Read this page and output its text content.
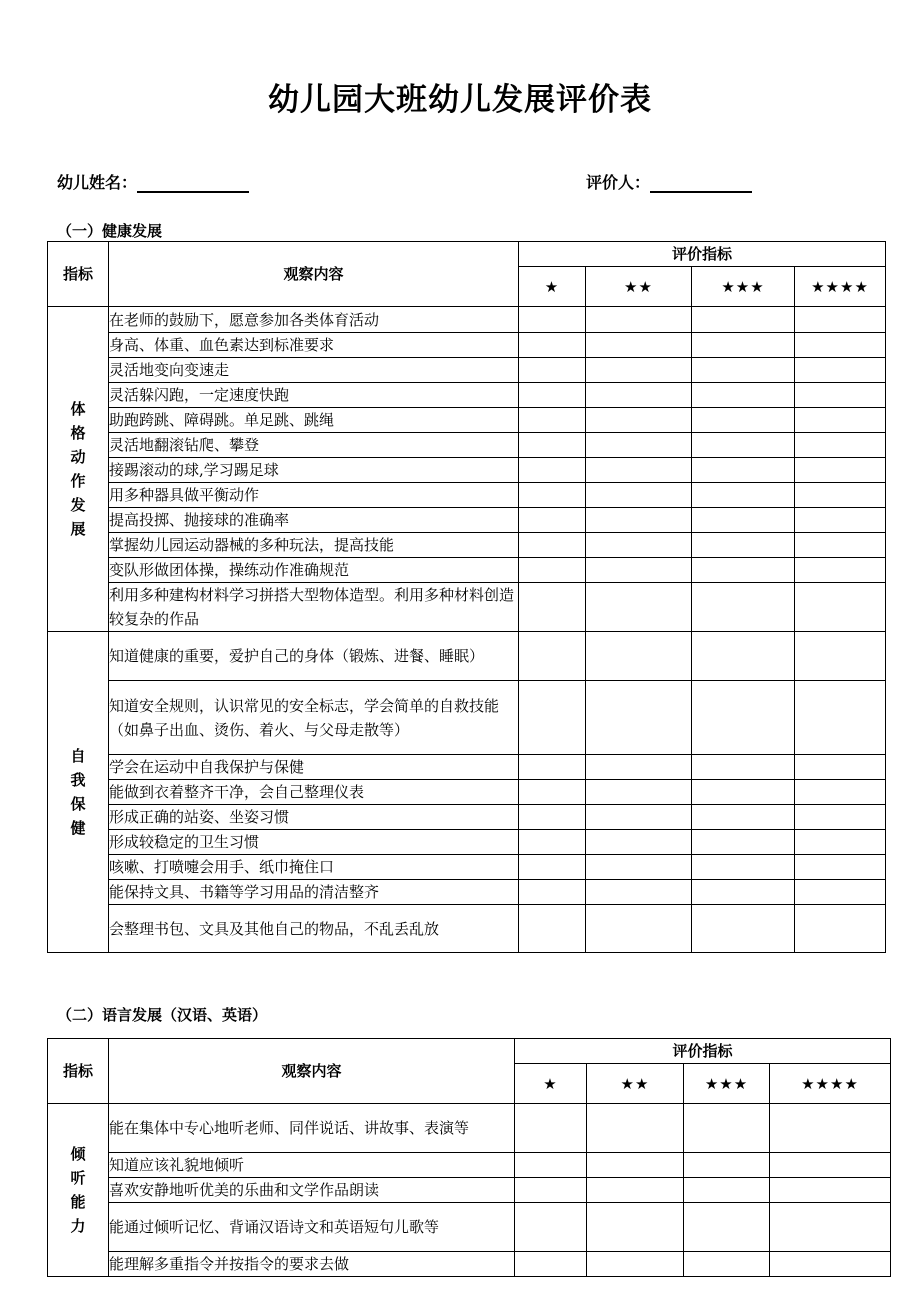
幼儿园大班幼儿发展评价表
幼儿姓名：	评价人：
（一）健康发展
指标	观察内容	评价指标			
		★	★★	★★★	★★★★
体格动作发展	在老师的鼓励下，愿意参加各类体育活动				
	身高、体重、血色素达到标准要求				
	灵活地变向变速走				
	灵活躲闪跑，一定速度快跑				
	助跑跨跳、障碍跳。单足跳、跳绳				
	灵活地翻滚钻爬、攀登				
	接踢滚动的球,学习踢足球				
	用多种器具做平衡动作				
	提高投掷、抛接球的准确率				
	掌握幼儿园运动器械的多种玩法，提高技能				
	变队形做团体操，操练动作准确规范				
	利用多种建构材料学习拼搭大型物体造型。利用多种材料创造较复杂的作品				
自我保健	知道健康的重要，爱护自己的身体（锻炼、进餐、睡眠）				
	知道安全规则，认识常见的安全标志，学会简单的自救技能（如鼻子出血、烫伤、着火、与父母走散等）				
	学会在运动中自我保护与保健				
	能做到衣着整齐干净，会自己整理仪表				
	形成正确的站姿、坐姿习惯				
	形成较稳定的卫生习惯				
	咳嗽、打喷嚏会用手、纸巾掩住口				
	能保持文具、书籍等学习用品的清洁整齐				
	会整理书包、文具及其他自己的物品，不乱丢乱放				
（二）语言发展（汉语、英语）
指标	观察内容	评价指标			
		★	★★	★★★	★★★★
倾听能力	能在集体中专心地听老师、同伴说话、讲故事、表演等				
	知道应该礼貌地倾听				
	喜欢安静地听优美的乐曲和文学作品朗读				
	能通过倾听记忆、背诵汉语诗文和英语短句儿歌等				
	能理解多重指令并按指令的要求去做				
